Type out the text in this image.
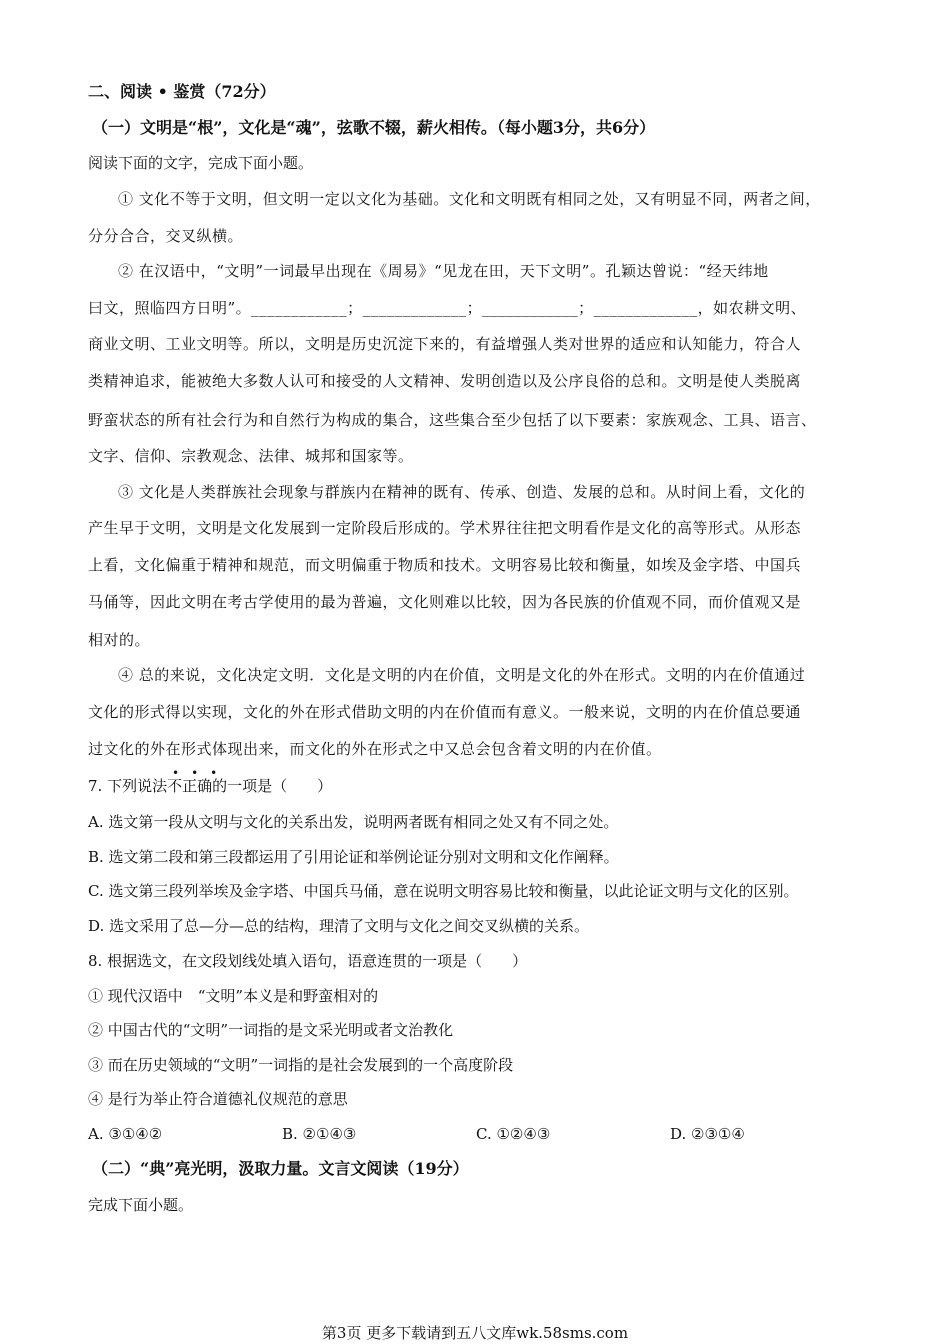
二、阅读 • 鉴赏（72分）
（一）文明是“根”，文化是“魂”，弦歌不辍，薪火相传。（每小题3分，共6分）
阅读下面的文字，完成下面小题。
① 文化不等于文明，但文明一定以文化为基础。文化和文明既有相同之处，又有明显不同，两者之间，
分分合合，交叉纵横。
② 在汉语中，“文明”一词最早出现在《周易》“见龙在田，天下文明”。孔颖达曾说：“经天纬地
曰文，照临四方日明”。____________；_____________；____________；_____________，如农耕文明、
商业文明、工业文明等。所以，文明是历史沉淀下来的，有益增强人类对世界的适应和认知能力，符合人
类精神追求，能被绝大多数人认可和接受的人文精神、发明创造以及公序良俗的总和。文明是使人类脱离
野蛮状态的所有社会行为和自然行为构成的集合，这些集合至少包括了以下要素：家族观念、工具、语言、
文字、信仰、宗教观念、法律、城邦和国家等。
③ 文化是人类群族社会现象与群族内在精神的既有、传承、创造、发展的总和。从时间上看，文化的
产生早于文明，文明是文化发展到一定阶段后形成的。学术界往往把文明看作是文化的高等形式。从形态
上看，文化偏重于精神和规范，而文明偏重于物质和技术。文明容易比较和衡量，如埃及金字塔、中国兵
马俑等，因此文明在考古学使用的最为普遍，文化则难以比较，因为各民族的价值观不同，而价值观又是
相对的。
④ 总的来说，文化决定文明．文化是文明的内在价值，文明是文化的外在形式。文明的内在价值通过
文化的形式得以实现，文化的外在形式借助文明的内在价值而有意义。一般来说，文明的内在价值总要通
过文化的外在形式体现出来，而文化的外在形式之中又总会包含着文明的内在价值。
•••
7. 下列说法不正确的一项是（　　）
A. 选文第一段从文明与文化的关系出发，说明两者既有相同之处又有不同之处。
B. 选文第二段和第三段都运用了引用论证和举例论证分别对文明和文化作阐释。
C. 选文第三段列举埃及金字塔、中国兵马俑，意在说明文明容易比较和衡量，以此论证文明与文化的区别。
D. 选文采用了总—分—总的结构，理清了文明与文化之间交叉纵横的关系。
8. 根据选文，在文段划线处填入语句，语意连贯的一项是（　　）
① 现代汉语中　“文明”本义是和野蛮相对的
② 中国古代的“文明”一词指的是文采光明或者文治教化
③ 而在历史领域的“文明”一词指的是社会发展到的一个高度阶段
④ 是行为举止符合道德礼仪规范的意思
A. ③①④②	B. ②①④③	C. ①②④③	D. ②③①④
（二）“典”亮光明，汲取力量。文言文阅读（19分）
完成下面小题。
第3页 更多下载请到五八文库wk.58sms.com
